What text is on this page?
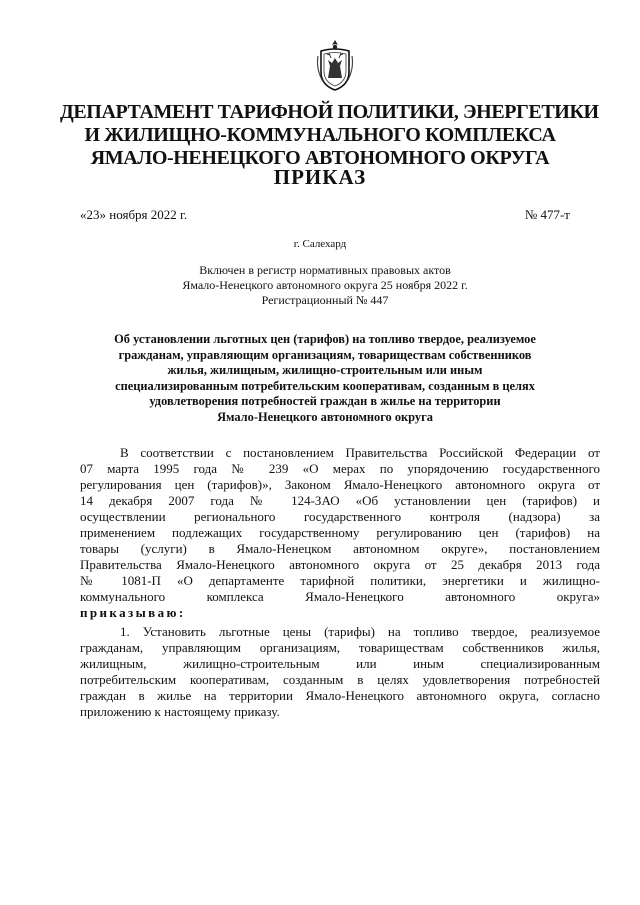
ДЕПАРТАМЕНТ ТАРИФНОЙ ПОЛИТИКИ, ЭНЕРГЕТИКИ
И ЖИЛИЩНО-КОММУНАЛЬНОГО КОМПЛЕКСА
ЯМАЛО-НЕНЕЦКОГО АВТОНОМНОГО ОКРУГА
ПРИКАЗ
«23» ноября 2022 г.	№ 477-т
г. Салехард
Включен в регистр нормативных правовых актов
Ямало-Ненецкого автономного округа 25 ноября 2022 г.
Регистрационный № 447
Об установлении льготных цен (тарифов) на топливо твердое, реализуемое
гражданам, управляющим организациям, товариществам собственников
жилья, жилищным, жилищно-строительным или иным
специализированным потребительским кооперативам, созданным в целях
удовлетворения потребностей граждан в жилье на территории
Ямало-Ненецкого автономного округа
В соответствии с постановлением Правительства Российской Федерации от
07 марта 1995 года № 239 «О мерах по упорядочению государственного
регулирования цен (тарифов)», Законом Ямало-Ненецкого автономного округа от
14 декабря 2007 года № 124-ЗАО «Об установлении цен (тарифов) и
осуществлении регионального государственного контроля (надзора) за
применением подлежащих государственному регулированию цен (тарифов) на
товары (услуги) в Ямало-Ненецком автономном округе», постановлением
Правительства Ямало-Ненецкого автономного округа от 25 декабря 2013 года
№ 1081-П «О департаменте тарифной политики, энергетики и жилищно-
коммунального комплекса Ямало-Ненецкого автономного округа»
приказываю:
1. Установить льготные цены (тарифы) на топливо твердое, реализуемое
гражданам, управляющим организациям, товариществам собственников жилья,
жилищным, жилищно-строительным или иным специализированным
потребительским кооперативам, созданным в целях удовлетворения потребностей
граждан в жилье на территории Ямало-Ненецкого автономного округа, согласно
приложению к настоящему приказу.
